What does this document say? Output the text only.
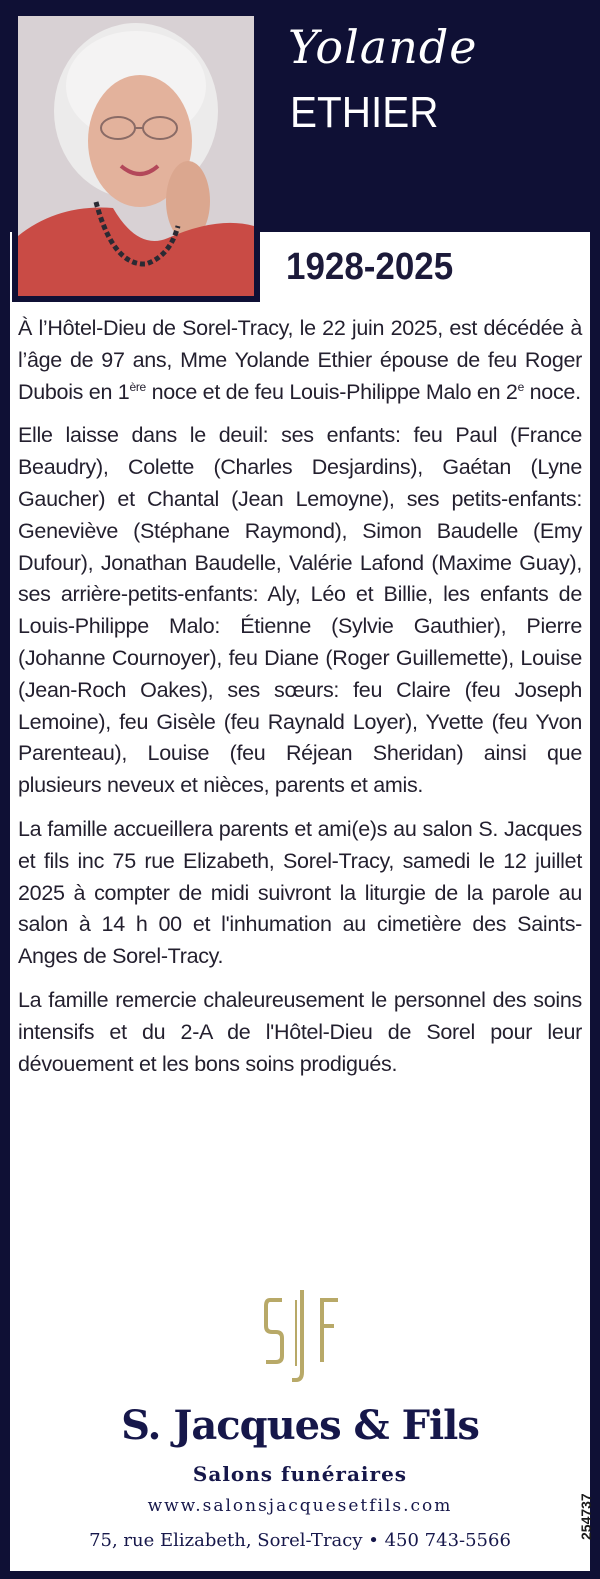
Yolande
ETHIER
1928-2025

À l’Hôtel-Dieu de Sorel-Tracy, le 22 juin 2025, est décédée à l’âge de 97 ans, Mme Yolande Ethier épouse de feu Roger Dubois en 1ère noce et de feu Louis-Philippe Malo en 2e noce.

Elle laisse dans le deuil: ses enfants: feu Paul (France Beaudry), Colette (Charles Desjardins), Gaétan (Lyne Gaucher) et Chantal (Jean Lemoyne), ses petits-enfants: Geneviève (Stéphane Raymond), Simon Baudelle (Emy Dufour), Jonathan Baudelle, Valérie Lafond (Maxime Guay), ses arrière-petits-enfants: Aly, Léo et Billie, les enfants de Louis-Philippe Malo: Étienne (Sylvie Gauthier), Pierre (Johanne Cournoyer), feu Diane (Roger Guillemette), Louise (Jean-Roch Oakes), ses sœurs: feu Claire (feu Joseph Lemoine), feu Gisèle (feu Raynald Loyer), Yvette (feu Yvon Parenteau), Louise (feu Réjean Sheridan) ainsi que plusieurs neveux et nièces, parents et amis.

La famille accueillera parents et ami(e)s au salon S. Jacques et fils inc 75 rue Elizabeth, Sorel-Tracy, samedi le 12 juillet 2025 à compter de midi suivront la liturgie de la parole au salon à 14 h 00 et l'inhumation au cimetière des Saints-Anges de Sorel-Tracy.

La famille remercie chaleureusement le personnel des soins intensifs et du 2-A de l'Hôtel-Dieu de Sorel pour leur dévouement et les bons soins prodigués.

S. Jacques & Fils
Salons funéraires
www.salonsjacquesetfils.com
75, rue Elizabeth, Sorel-Tracy • 450 743-5566
254737
